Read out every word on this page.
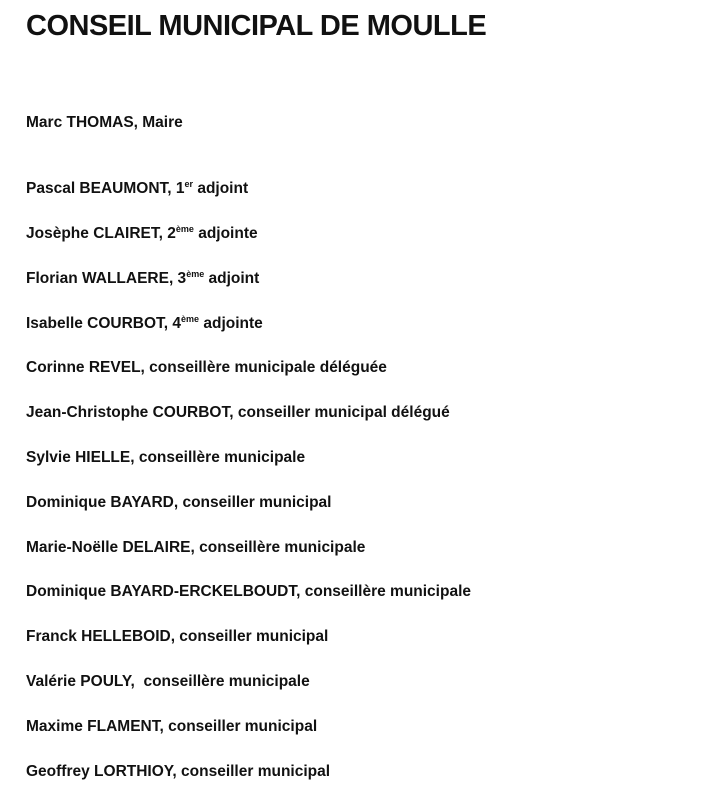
CONSEIL MUNICIPAL DE MOULLE

Marc THOMAS, Maire

Pascal BEAUMONT, 1er adjoint

Josèphe CLAIRET, 2ème adjointe

Florian WALLAERE, 3ème adjoint

Isabelle COURBOT, 4ème adjointe

Corinne REVEL, conseillère municipale déléguée

Jean-Christophe COURBOT, conseiller municipal délégué

Sylvie HIELLE, conseillère municipale

Dominique BAYARD, conseiller municipal

Marie-Noëlle DELAIRE, conseillère municipale

Dominique BAYARD-ERCKELBOUDT, conseillère municipale

Franck HELLEBOID, conseiller municipal

Valérie POULY,  conseillère municipale

Maxime FLAMENT, conseiller municipal

Geoffrey LORTHIOY, conseiller municipal
